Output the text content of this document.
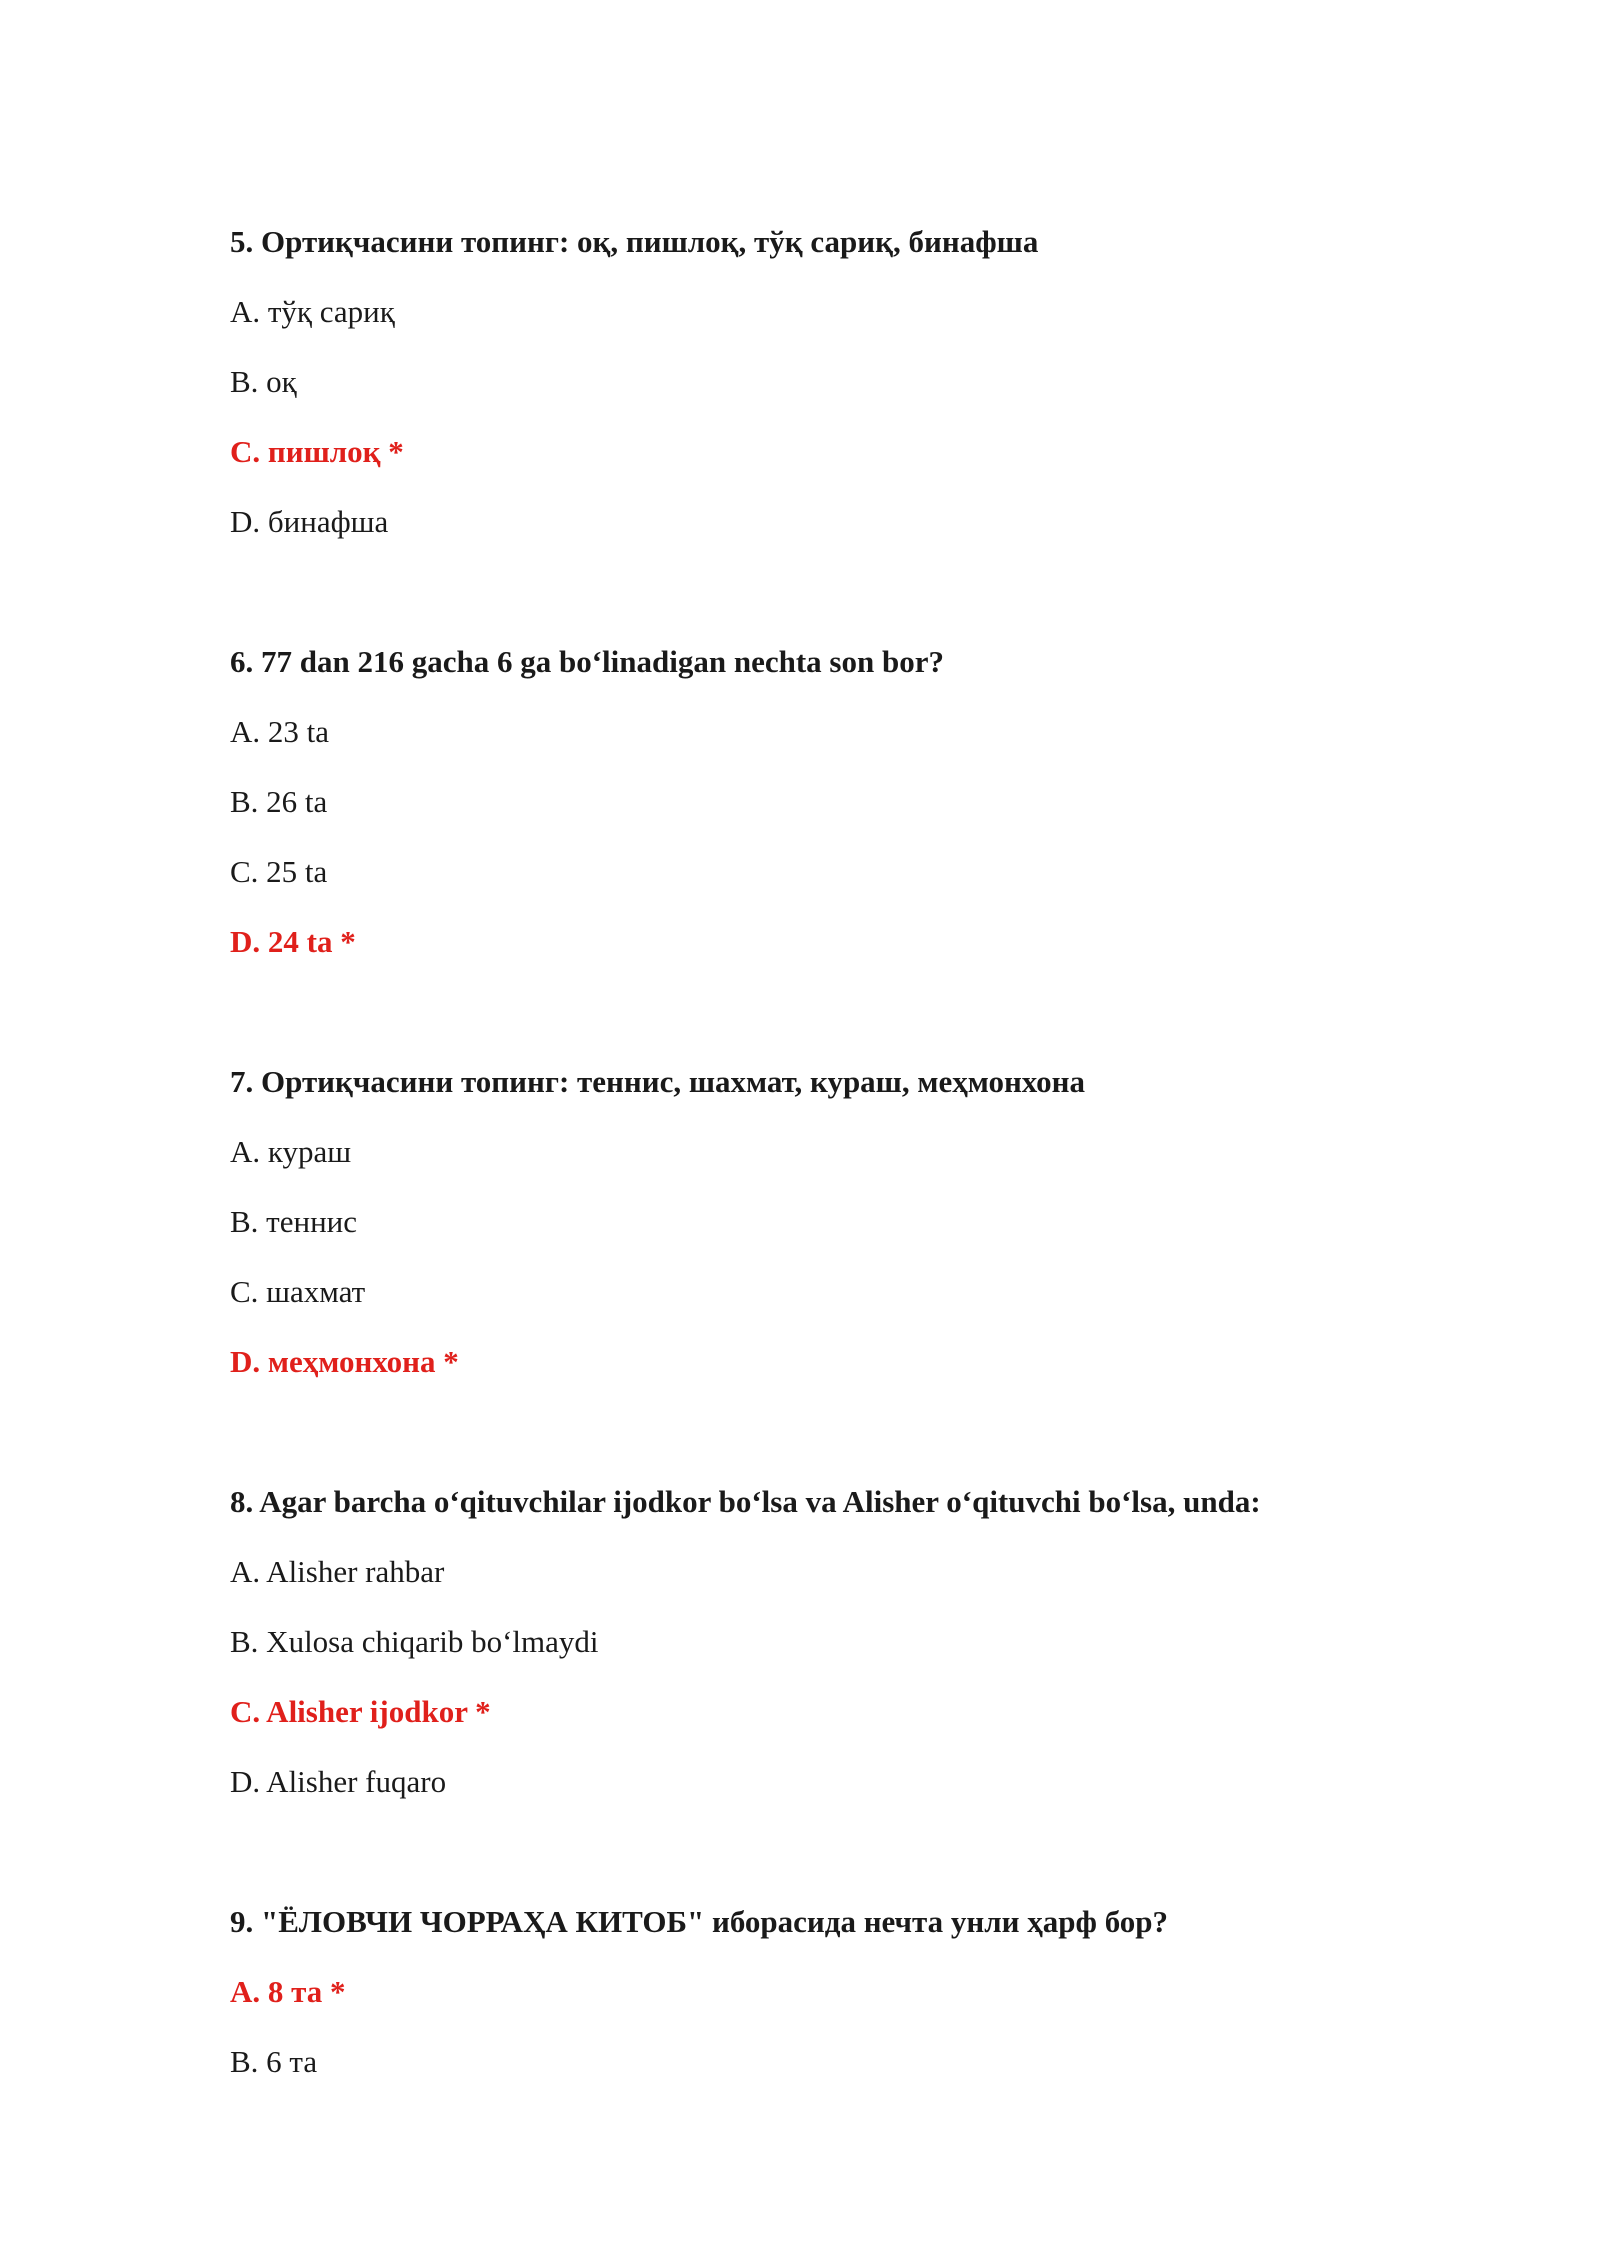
5. Ортиқчасини топинг: оқ, пишлоқ, тўқ сариқ, бинафша

A. тўқ сариқ
B. оқ
C. пишлоқ *
D. бинафша

6. 77 dan 216 gacha 6 ga bo‘linadigan nechta son bor?

A. 23 ta
B. 26 ta
C. 25 ta
D. 24 ta *

7. Ортиқчасини топинг: теннис, шахмат, кураш, меҳмонхона

A. кураш
B. теннис
C. шахмат
D. меҳмонхона *

8. Agar barcha o‘qituvchilar ijodkor bo‘lsa va Alisher o‘qituvchi bo‘lsa, unda:

A. Alisher rahbar
B. Xulosa chiqarib bo‘lmaydi
C. Alisher ijodkor *
D. Alisher fuqaro

9. "ЁЛОВЧИ ЧОРРАҲА КИТОБ" иборасида нечта унли ҳарф бор?

A. 8 та *
B. 6 та
